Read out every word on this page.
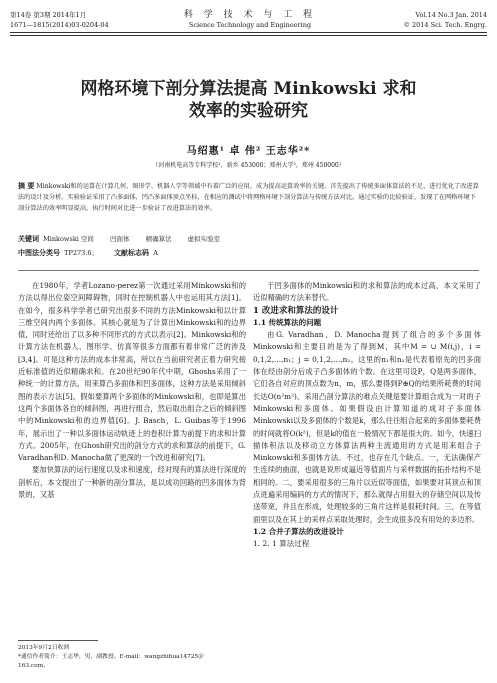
第14卷 第3期 2014年1月
1671—1815(2014)03-0204-04
科 学 技 术 与 工 程
Science Technology and Engineering
Vol.14 No.3 Jan. 2014
© 2014 Sci. Tech. Engrg.
网格环境下剖分算法提高 Minkowski 求和
效率的实验研究
马绍惠¹ 卓 伟² 王志华²*
（河南机电高等专科学校¹，新乡 453000；郑州大学²，郑州 450000）
摘 要 Minkowski和的运算在计算几何、图形学、机器人学等领域中有着广泛的应用，成为提高运算效率的关键。首先提出了传统多面体算法的不足，进行优化了改进算法的设计及分析。实验验证采用了凸多面体、凹凸多面体顶点坐标，在相应的测试中将网格环境下剖分算法与传统方法对比。通过实验的比较验证，发现了在网格环境下剖分算法的效率明显提高，执行时间对比进一步验证了改进算法的效率。
关键词 Minkowski 空间 凹面体 精确算法 虚拟实验室
中图法分类号 TP273.6； 文献标志码 A

在1980年，学者Lozano-perez第一次通过采用Minkowski和的方法以得出位姿空间障碍物，同时在控制机器人中也运用其方法[1]。在如今，很多科学学者已研究出很多不同的方法Minkowski和以计算三维空间内两个多面体。其核心就是为了计算出Minkowski和的边界值，同时还给出了以多种不同形式的方式以表示[2]。Minkowski和的计算方法在机器人、图形学、仿真等很多方面都有着非常广泛的涉及[3,4]。可是这种方法的成本非常高，所以在当前研究者正着力研究接近标准值的近似精确求和。在20世纪90年代中期，Ghoshs采用了一种统一的计算方法，用来算凸多面体和凹多面体，这种方法是采用倾斜图的表示方法[5]。假如要算两个多面体的Minkowski和，也即是算出这两个多面体各自的倾斜图，再进行组合，然后取出组合之后的倾斜图中的Minkowski和的边界值[6]。J. Basch，L. Guibas等于1996年，展示出了一种以多面体运动轨迹上的卷积计算为前提下的求和计算方式。2005年，在Ghosh研究出的剖分方式的求和算法的前提下，G. Varadhan和D. Manocha做了更深的一个改进和研究[7]。

要加快算法的运行速度以及求和速度，经对现有的算法进行深度的剖析后，本文提出了一种新的剖分算法，是以成功回路的凹多面体为背景的，又基

于凹多面体的Minkowski和的求和算法的成本过高，本文采用了近似精确的方法来替代。

1 改进求和算法的设计

1.1 传统算法的问题

由G. Varadhan，D. Manocha提到了组合的多个多面体Minkowski和主要目的是为了得到M，其中M = ∪ M(i,j)，i = 0,1,2,…,n₁；j = 0,1,2,…,n₂。这里的n₁和n₂是代表着原先的凹多面体在经由剖分后成子凸多面体的个数。在这里可设P，Q是两多面体，它们各自对应的顶点数为n，m，那么要得到P⊕Q的结果所耗费的时间长达O(n²m²)。采用凸剖分算法的难点关键是要计算组合成为一对的子Minkowski和多面体。如果假设由计算知道的成对子多面体Minkowski以及多面体的个数是k，那么往往组合起来的多面体要耗费的时间就将O(k²)，但是k的值在一般情况下都是很大的。如今，快速扫描体积法以及移动立方体算法两种主流通用的方式是用来组合子Minkowski和多面体方法。不过，也存在几个缺点。一，无法确保产生连续的曲面，也就是说形成逼近等值面片与采样数据的拓扑结构不是相同的。二，要采用很多的三角片以近似等面值，如果要对其顶点和顶点进遍采用编码的方式的情况下，那么就得占用很大的存储空间以及传送带宽，并且在形成，处理较多的三角片这样是很耗时间。三，在等值面里以及在其上的采样点采取处理时，会生成很多没有用处的多边形。

1.2 合并子算法的改进设计

1. 2. 1 算法过程

2013年9月2日收到
*通信作者简介：王志华，男，副教授。E-mail：wangzhihua14725＠
163.com。
